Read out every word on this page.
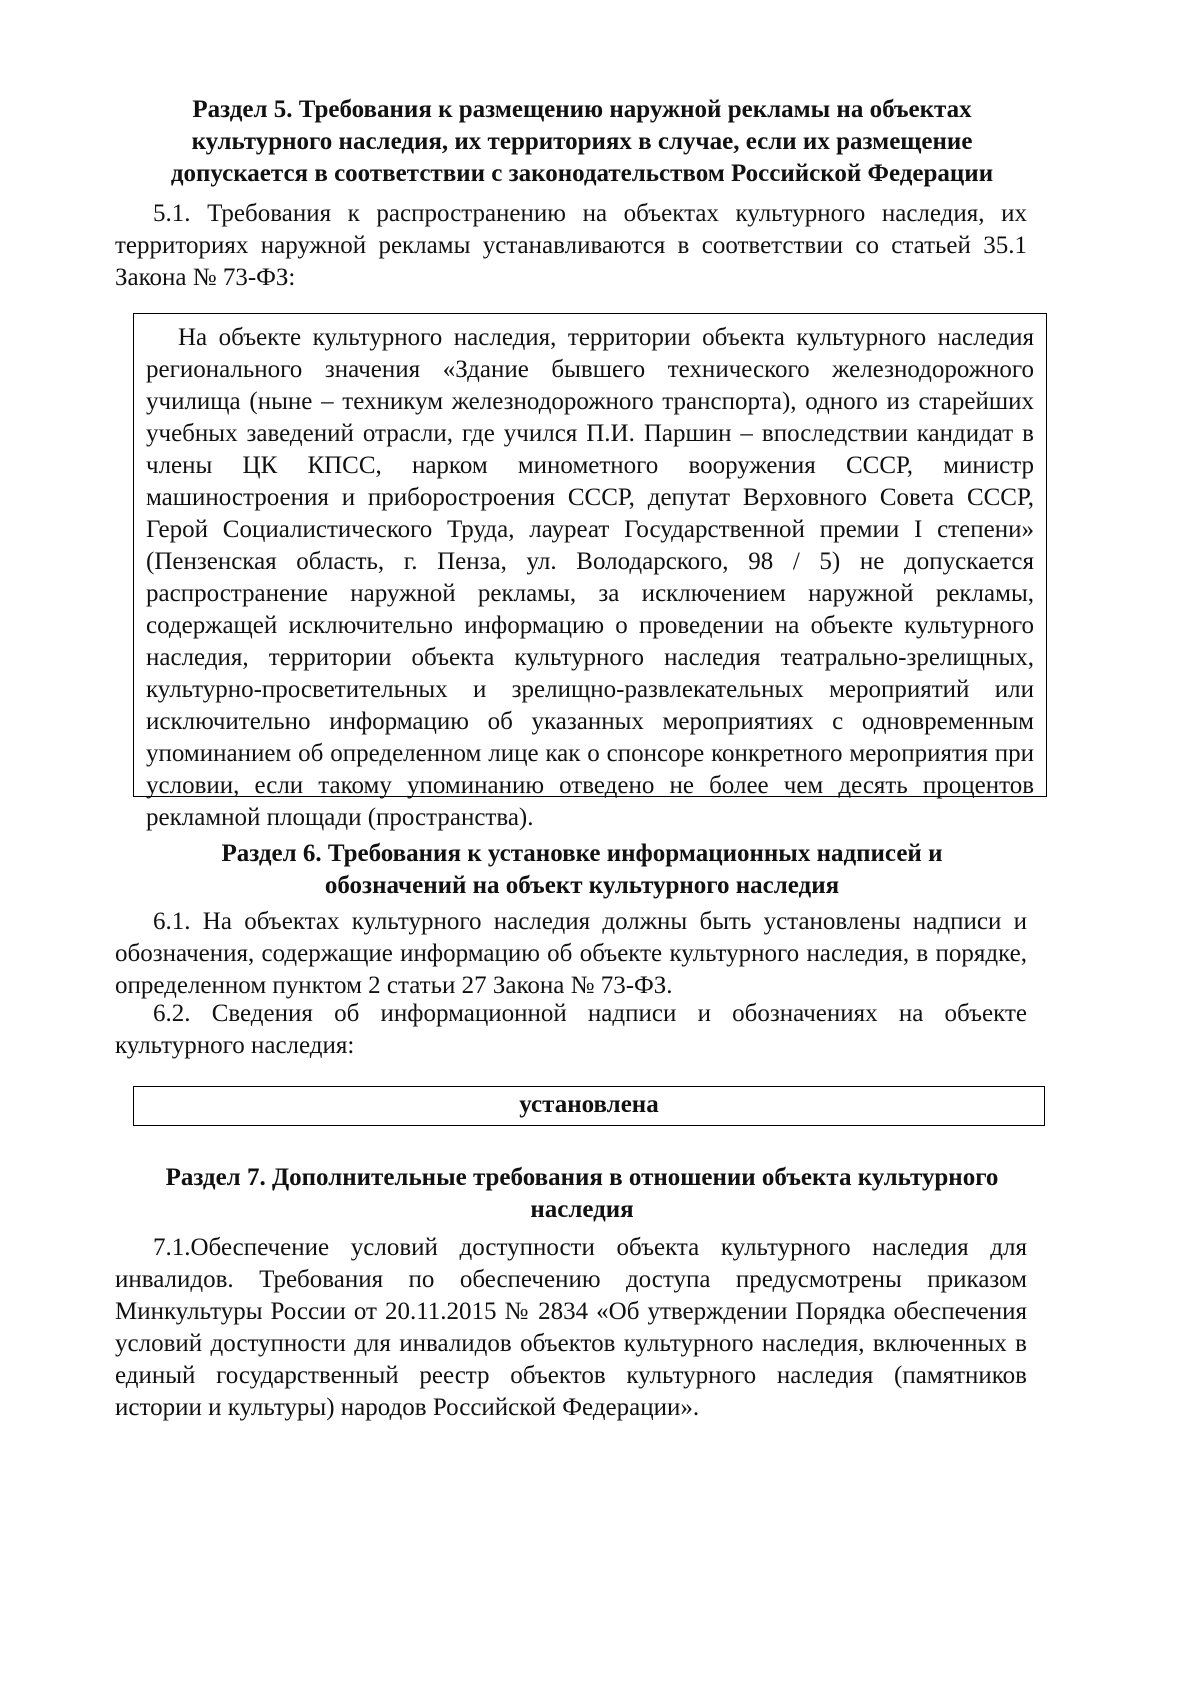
Раздел 5. Требования к размещению наружной рекламы на объектах
культурного наследия, их территориях в случае, если их размещение
допускается в соответствии с законодательством Российской Федерации

5.1. Требования к распространению на объектах культурного наследия, их территориях наружной рекламы устанавливаются в соответствии со статьей 35.1 Закона № 73-ФЗ:

На объекте культурного наследия, территории объекта культурного наследия регионального значения «Здание бывшего технического железнодорожного училища (ныне – техникум железнодорожного транспорта), одного из старейших учебных заведений отрасли, где учился П.И. Паршин – впоследствии кандидат в члены ЦК КПСС, нарком минометного вооружения СССР, министр машиностроения и приборостроения СССР, депутат Верховного Совета СССР, Герой Социалистического Труда, лауреат Государственной премии I степени» (Пензенская область, г. Пенза, ул. Володарского, 98 / 5) не допускается распространение наружной рекламы, за исключением наружной рекламы, содержащей исключительно информацию о проведении на объекте культурного наследия, территории объекта культурного наследия театрально-зрелищных, культурно-просветительных и зрелищно-развлекательных мероприятий или исключительно информацию об указанных мероприятиях с одновременным упоминанием об определенном лице как о спонсоре конкретного мероприятия при условии, если такому упоминанию отведено не более чем десять процентов рекламной площади (пространства).

Раздел 6. Требования к установке информационных надписей и
обозначений на объект культурного наследия

6.1. На объектах культурного наследия должны быть установлены надписи и обозначения, содержащие информацию об объекте культурного наследия, в порядке, определенном пунктом 2 статьи 27 Закона № 73-ФЗ.

6.2. Сведения об информационной надписи и обозначениях на объекте культурного наследия:

установлена

Раздел 7. Дополнительные требования в отношении объекта культурного
наследия

7.1.Обеспечение условий доступности объекта культурного наследия для инвалидов. Требования по обеспечению доступа предусмотрены приказом Минкультуры России от 20.11.2015 № 2834 «Об утверждении Порядка обеспечения условий доступности для инвалидов объектов культурного наследия, включенных в единый государственный реестр объектов культурного наследия (памятников истории и культуры) народов Российской Федерации».
